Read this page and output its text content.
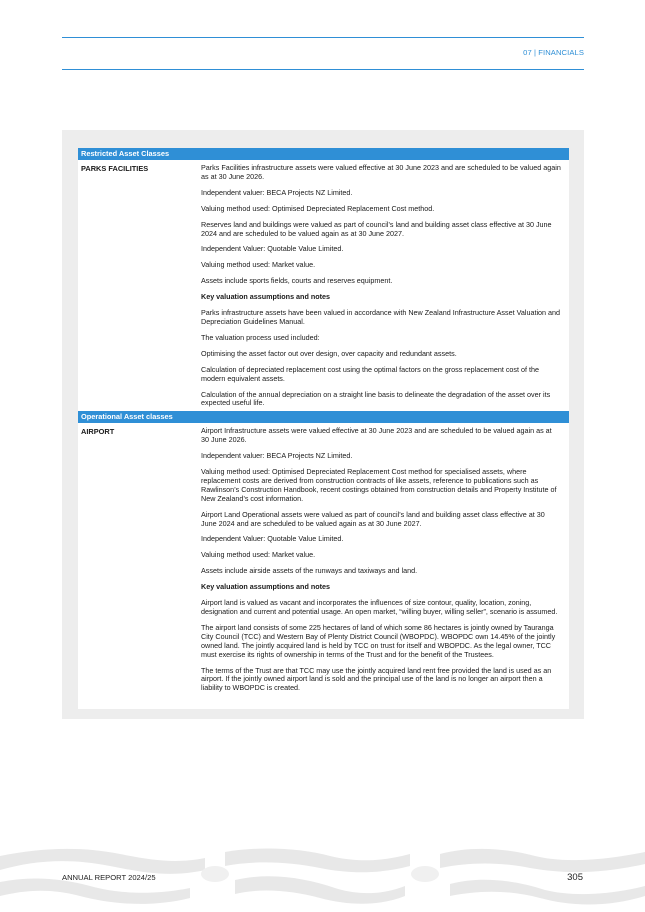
07 | FINANCIALS
Restricted Asset Classes
PARKS FACILITIES	Parks Facilities infrastructure assets were valued effective at 30 June 2023 and are scheduled to be valued again as at 30 June 2026.

Independent valuer: BECA Projects NZ Limited.

Valuing method used: Optimised Depreciated Replacement Cost method.

Reserves land and buildings were valued as part of council’s land and building asset class effective at 30 June 2024 and are scheduled to be valued again as at 30 June 2027.

Independent Valuer: Quotable Value Limited.

Valuing method used: Market value.

Assets include sports fields, courts and reserves equipment.

Key valuation assumptions and notes

Parks infrastructure assets have been valued in accordance with New Zealand Infrastructure Asset Valuation and Depreciation Guidelines Manual.

The valuation process used included:

Optimising the asset factor out over design, over capacity and redundant assets.

Calculation of depreciated replacement cost using the optimal factors on the gross replacement cost of the modern equivalent assets.

Calculation of the annual depreciation on a straight line basis to delineate the degradation of the asset over its expected useful life.

Operational Asset classes
AIRPORT	Airport Infrastructure assets were valued effective at 30 June 2023 and are scheduled to be valued again as at 30 June 2026.

Independent valuer: BECA Projects NZ Limited.

Valuing method used: Optimised Depreciated Replacement Cost method for specialised assets, where replacement costs are derived from construction contracts of like assets, reference to publications such as Rawlinson’s Construction Handbook, recent costings obtained from construction details and Property Institute of New Zealand’s cost information.

Airport Land Operational assets were valued as part of council’s land and building asset class effective at 30 June 2024 and are scheduled to be valued again as at 30 June 2027.

Independent Valuer: Quotable Value Limited.

Valuing method used: Market value.

Assets include airside assets of the runways and taxiways and land.

Key valuation assumptions and notes

Airport land is valued as vacant and incorporates the influences of size contour, quality, location, zoning, designation and current and potential usage. An open market, “willing buyer, willing seller”, scenario is assumed.

The airport land consists of some 225 hectares of land of which some 86 hectares is jointly owned by Tauranga City Council (TCC) and Western Bay of Plenty District Council (WBOPDC). WBOPDC own 14.45% of the jointly owned land. The jointly acquired land is held by TCC on trust for itself and WBOPDC. As the legal owner, TCC must exercise its rights of ownership in terms of the Trust and for the benefit of the Trustees.

The terms of the Trust are that TCC may use the jointly acquired land rent free provided the land is used as an airport. If the jointly owned airport land is sold and the principal use of the land is no longer an airport then a liability to WBOPDC is created.

ANNUAL REPORT 2024/25	305
